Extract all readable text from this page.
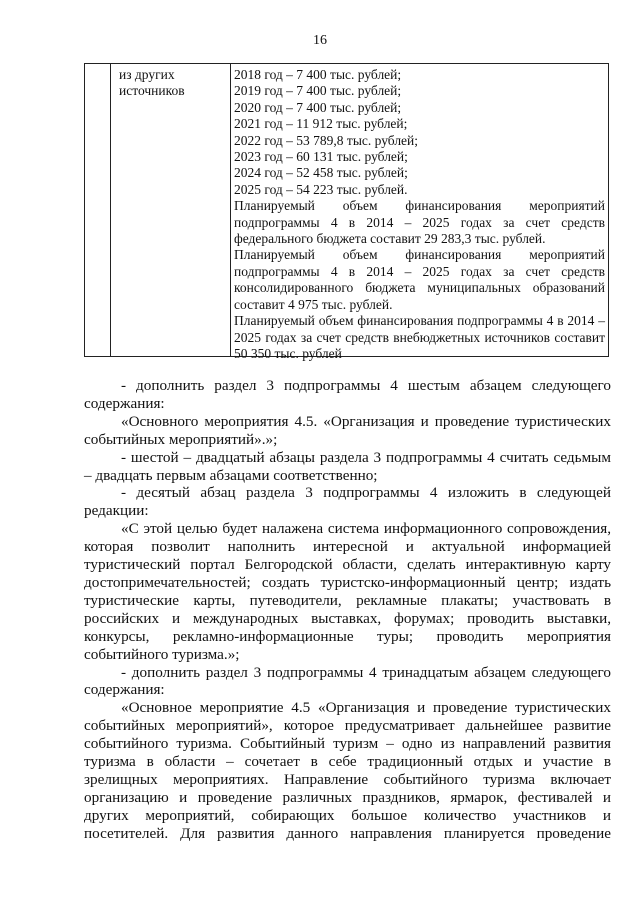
16
из других источников
2018 год – 7 400 тыс. рублей;
2019 год – 7 400 тыс. рублей;
2020 год – 7 400 тыс. рублей;
2021 год – 11 912 тыс. рублей;
2022 год – 53 789,8 тыс. рублей;
2023 год – 60 131 тыс. рублей;
2024 год – 52 458 тыс. рублей;
2025 год – 54 223 тыс. рублей.
Планируемый объем финансирования мероприятий подпрограммы 4 в 2014 – 2025 годах за счет средств федерального бюджета составит 29 283,3 тыс. рублей.
Планируемый объем финансирования мероприятий подпрограммы 4 в 2014 – 2025 годах за счет средств консолидированного бюджета муниципальных образований составит 4 975 тыс. рублей.
Планируемый объем финансирования подпрограммы 4 в 2014 – 2025 годах за счет средств внебюджетных источников составит 50 350 тыс. рублей

- дополнить раздел 3 подпрограммы 4 шестым абзацем следующего содержания:

«Основного мероприятия 4.5. «Организация и проведение туристических событийных мероприятий».»;

- шестой – двадцатый абзацы раздела 3 подпрограммы 4 считать седьмым – двадцать первым абзацами соответственно;

- десятый абзац раздела 3 подпрограммы 4 изложить в следующей редакции:

«С этой целью будет налажена система информационного сопровождения, которая позволит наполнить интересной и актуальной информацией туристический портал Белгородской области, сделать интерактивную карту достопримечательностей; создать туристско-информационный центр; издать туристические карты, путеводители, рекламные плакаты; участвовать в российских и международных выставках, форумах; проводить выставки, конкурсы, рекламно-информационные туры; проводить мероприятия событийного туризма.»;

- дополнить раздел 3 подпрограммы 4 тринадцатым абзацем следующего содержания:

«Основное мероприятие 4.5 «Организация и проведение туристических событийных мероприятий», которое предусматривает дальнейшее развитие событийного туризма. Событийный туризм – одно из направлений развития туризма в области – сочетает в себе традиционный отдых и участие в зрелищных мероприятиях. Направление событийного туризма включает организацию и проведение различных праздников, ярмарок, фестивалей и других мероприятий, собирающих большое количество участников и посетителей. Для развития данного направления планируется проведение
